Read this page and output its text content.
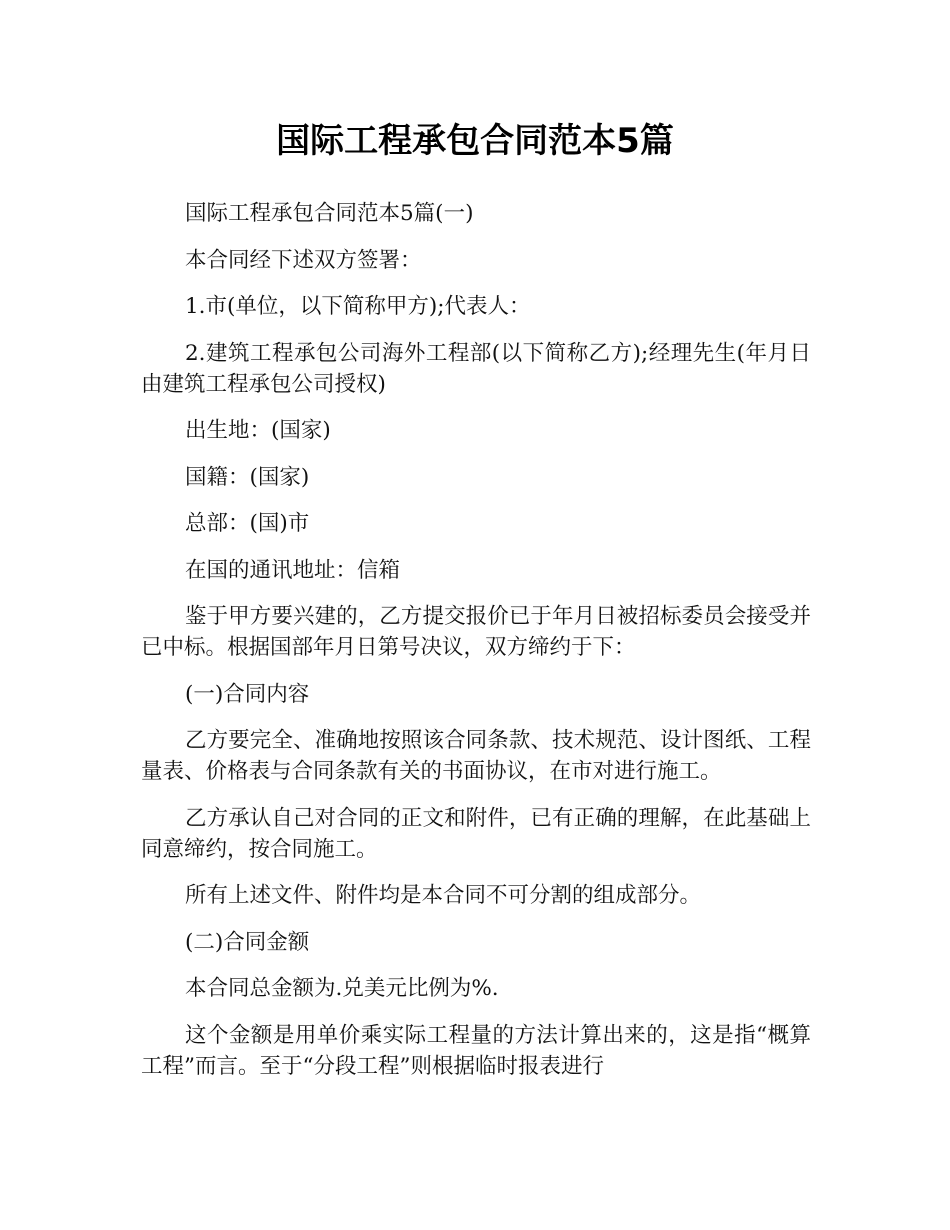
国际工程承包合同范本5篇

国际工程承包合同范本5篇(一)

本合同经下述双方签署：

1.市(单位，以下简称甲方);代表人：

2.建筑工程承包公司海外工程部(以下简称乙方);经理先生(年月日由建筑工程承包公司授权)

出生地：(国家)

国籍：(国家)

总部：(国)市

在国的通讯地址：信箱

鉴于甲方要兴建的，乙方提交报价已于年月日被招标委员会接受并已中标。根据国部年月日第号决议，双方缔约于下：

(一)合同内容

乙方要完全、准确地按照该合同条款、技术规范、设计图纸、工程量表、价格表与合同条款有关的书面协议，在市对进行施工。

乙方承认自己对合同的正文和附件，已有正确的理解，在此基础上同意缔约，按合同施工。

所有上述文件、附件均是本合同不可分割的组成部分。

(二)合同金额

本合同总金额为.兑美元比例为%.

这个金额是用单价乘实际工程量的方法计算出来的，这是指“概算工程”而言。至于“分段工程”则根据临时报表进行
